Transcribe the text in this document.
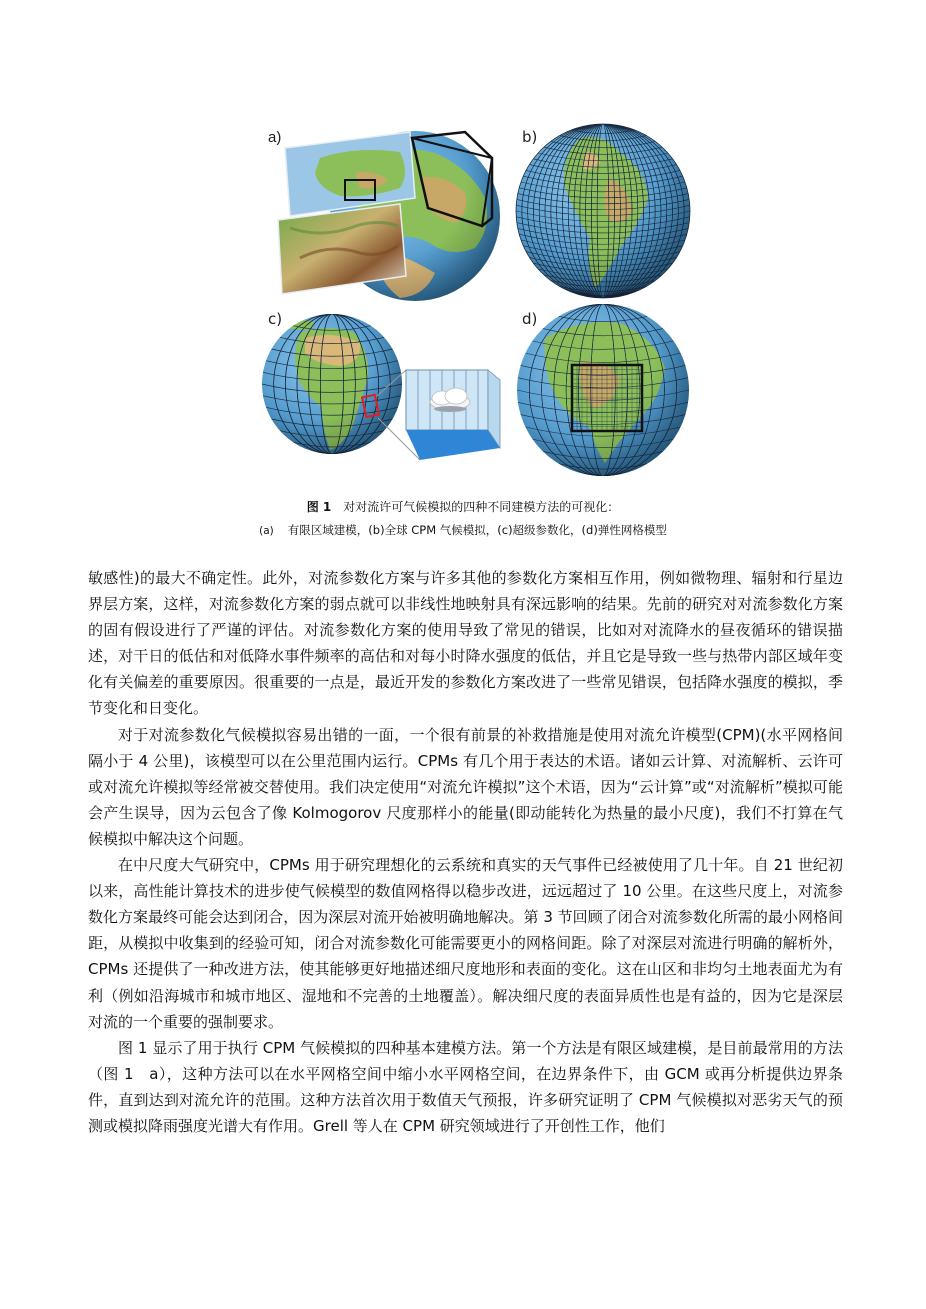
a)	b)
c)	d)
图 1 对对流许可气候模拟的四种不同建模方法的可视化：
(a) 有限区域建模，(b)全球 CPM 气候模拟，(c)超级参数化，(d)弹性网格模型

敏感性)的最大不确定性。此外，对流参数化方案与许多其他的参数化方案相互作用，例如微物理、辐射和行星边界层方案，这样，对流参数化方案的弱点就可以非线性地映射具有深远影响的结果。先前的研究对对流参数化方案的固有假设进行了严谨的评估。对流参数化方案的使用导致了常见的错误，比如对对流降水的昼夜循环的错误描述，对干日的低估和对低降水事件频率的高估和对每小时降水强度的低估，并且它是导致一些与热带内部区域年变化有关偏差的重要原因。很重要的一点是，最近开发的参数化方案改进了一些常见错误，包括降水强度的模拟，季节变化和日变化。

对于对流参数化气候模拟容易出错的一面，一个很有前景的补救措施是使用对流允许模型(CPM)(水平网格间隔小于 4 公里)，该模型可以在公里范围内运行。CPMs 有几个用于表达的术语。诸如云计算、对流解析、云许可或对流允许模拟等经常被交替使用。我们决定使用“对流允许模拟”这个术语，因为“云计算”或“对流解析”模拟可能会产生误导，因为云包含了像 Kolmogorov 尺度那样小的能量(即动能转化为热量的最小尺度)，我们不打算在气候模拟中解决这个问题。

在中尺度大气研究中，CPMs 用于研究理想化的云系统和真实的天气事件已经被使用了几十年。自 21 世纪初以来，高性能计算技术的进步使气候模型的数值网格得以稳步改进，远远超过了 10 公里。在这些尺度上，对流参数化方案最终可能会达到闭合，因为深层对流开始被明确地解决。第 3 节回顾了闭合对流参数化所需的最小网格间距，从模拟中收集到的经验可知，闭合对流参数化可能需要更小的网格间距。除了对深层对流进行明确的解析外，CPMs 还提供了一种改进方法，使其能够更好地描述细尺度地形和表面的变化。这在山区和非均匀土地表面尤为有利（例如沿海城市和城市地区、湿地和不完善的土地覆盖）。解决细尺度的表面异质性也是有益的，因为它是深层对流的一个重要的强制要求。

图 1 显示了用于执行 CPM 气候模拟的四种基本建模方法。第一个方法是有限区域建模，是目前最常用的方法（图 1　a），这种方法可以在水平网格空间中缩小水平网格空间，在边界条件下，由 GCM 或再分析提供边界条件，直到达到对流允许的范围。这种方法首次用于数值天气预报，许多研究证明了 CPM 气候模拟对恶劣天气的预测或模拟降雨强度光谱大有作用。Grell 等人在 CPM 研究领域进行了开创性工作，他们
